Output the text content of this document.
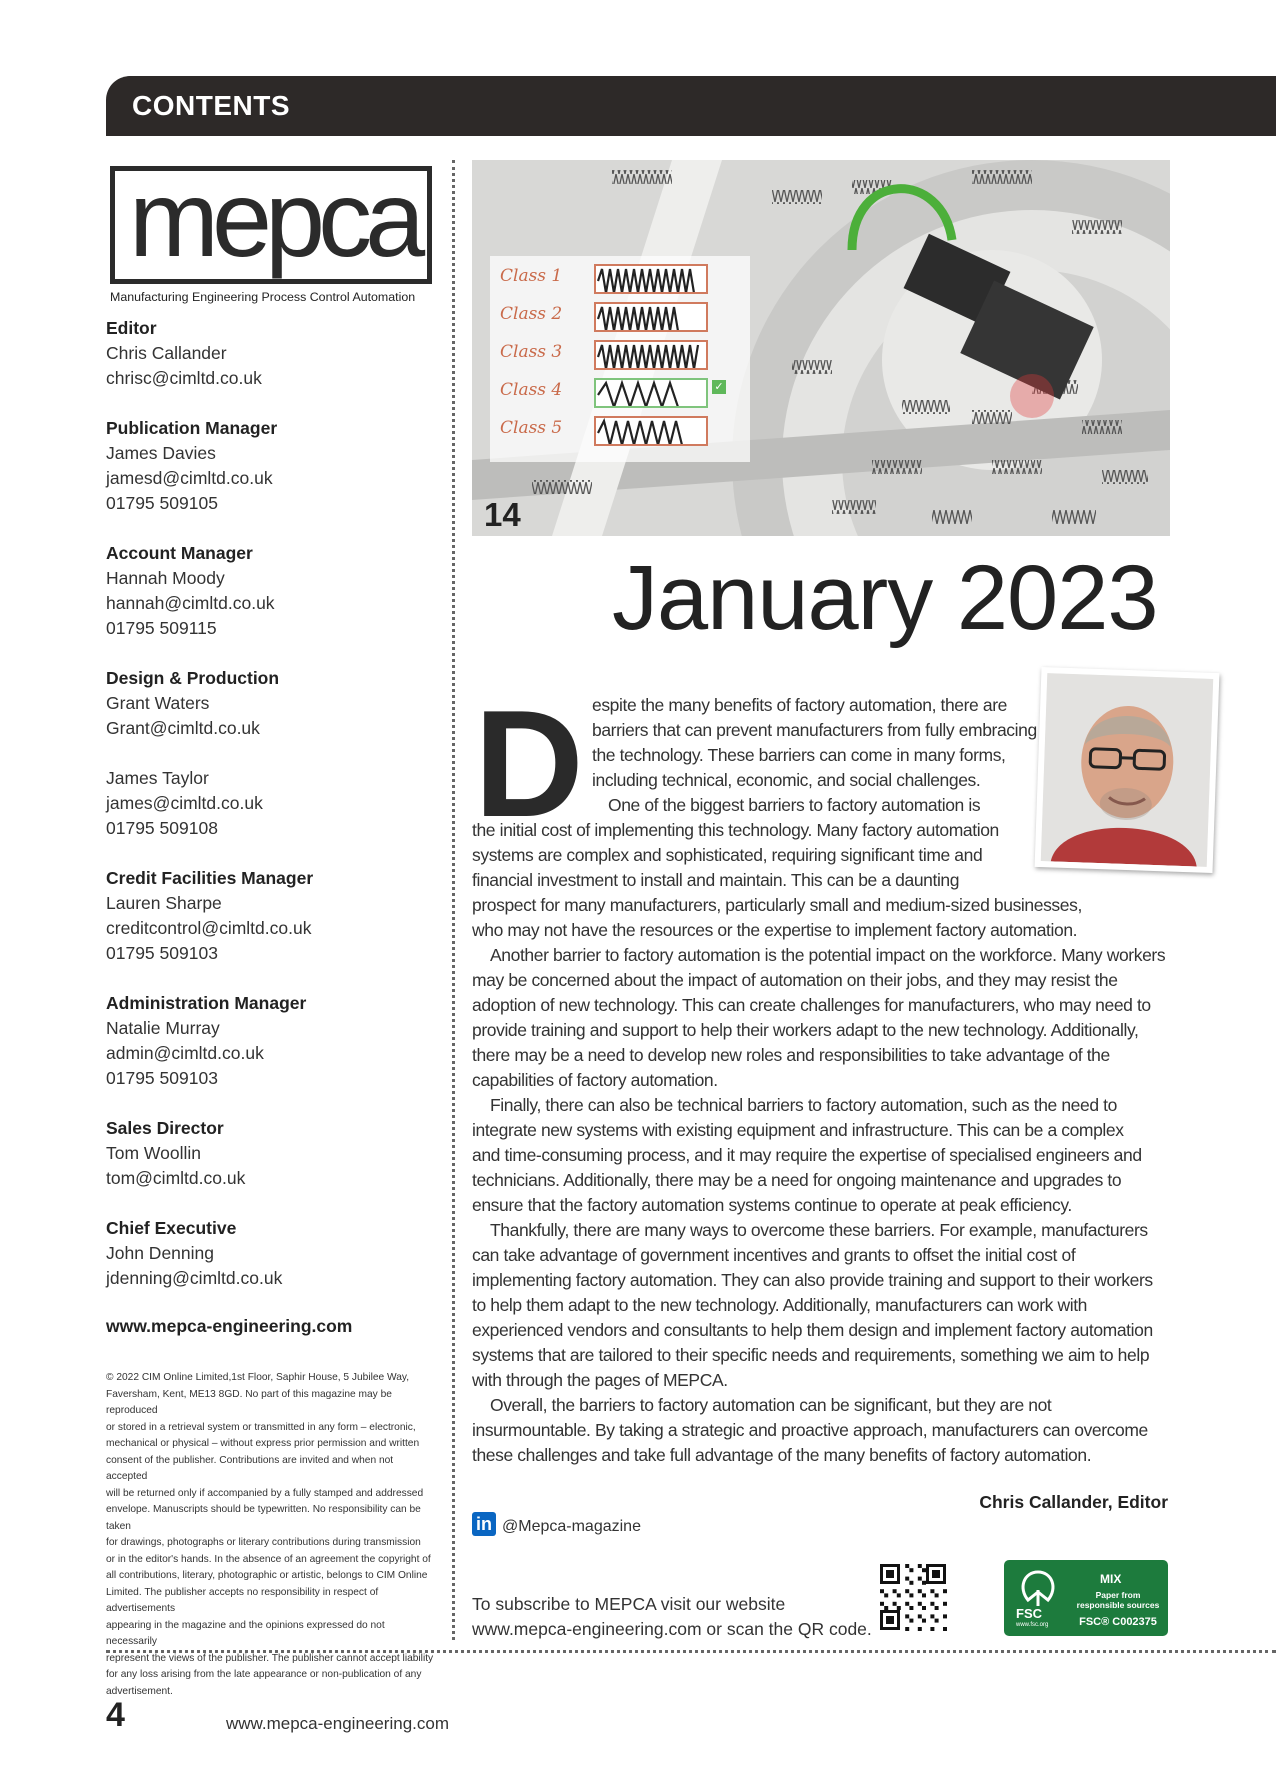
CONTENTS
mepca
Manufacturing Engineering Process Control Automation
Editor
Chris Callander
chrisc@cimltd.co.uk
Publication Manager
James Davies
jamesd@cimltd.co.uk
01795 509105
Account Manager
Hannah Moody
hannah@cimltd.co.uk
01795 509115
Design & Production
Grant Waters
Grant@cimltd.co.uk
James Taylor
james@cimltd.co.uk
01795 509108
Credit Facilities Manager
Lauren Sharpe
creditcontrol@cimltd.co.uk
01795 509103
Administration Manager
Natalie Murray
admin@cimltd.co.uk
01795 509103
Sales Director
Tom Woollin
tom@cimltd.co.uk
Chief Executive
John Denning
jdenning@cimltd.co.uk
www.mepca-engineering.com
© 2022 CIM Online Limited,1st Floor, Saphir House, 5 Jubilee Way,
Faversham, Kent, ME13 8GD. No part of this magazine may be reproduced
or stored in a retrieval system or transmitted in any form – electronic,
mechanical or physical – without express prior permission and written
consent of the publisher. Contributions are invited and when not accepted
will be returned only if accompanied by a fully stamped and addressed
envelope. Manuscripts should be typewritten. No responsibility can be taken
for drawings, photographs or literary contributions during transmission
or in the editor's hands. In the absence of an agreement the copyright of
all contributions, literary, photographic or artistic, belongs to CIM Online
Limited. The publisher accepts no responsibility in respect of advertisements
appearing in the magazine and the opinions expressed do not necessarily
represent the views of the publisher. The publisher cannot accept liability
for any loss arising from the late appearance or non-publication of any
advertisement.
Class 1
Class 2
Class 3
Class 4	✓
Class 5
14
January 2023
D espite the many benefits of factory automation, there are
barriers that can prevent manufacturers from fully embracing
the technology. These barriers can come in many forms,
including technical, economic, and social challenges.
One of the biggest barriers to factory automation is
the initial cost of implementing this technology. Many factory automation
systems are complex and sophisticated, requiring significant time and
financial investment to install and maintain. This can be a daunting
prospect for many manufacturers, particularly small and medium-sized businesses,
who may not have the resources or the expertise to implement factory automation.
Another barrier to factory automation is the potential impact on the workforce. Many workers
may be concerned about the impact of automation on their jobs, and they may resist the
adoption of new technology. This can create challenges for manufacturers, who may need to
provide training and support to help their workers adapt to the new technology. Additionally,
there may be a need to develop new roles and responsibilities to take advantage of the
capabilities of factory automation.
Finally, there can also be technical barriers to factory automation, such as the need to
integrate new systems with existing equipment and infrastructure. This can be a complex
and time-consuming process, and it may require the expertise of specialised engineers and
technicians. Additionally, there may be a need for ongoing maintenance and upgrades to
ensure that the factory automation systems continue to operate at peak efficiency.
Thankfully, there are many ways to overcome these barriers. For example, manufacturers
can take advantage of government incentives and grants to offset the initial cost of
implementing factory automation. They can also provide training and support to their workers
to help them adapt to the new technology. Additionally, manufacturers can work with
experienced vendors and consultants to help them design and implement factory automation
systems that are tailored to their specific needs and requirements, something we aim to help
with through the pages of MEPCA.
Overall, the barriers to factory automation can be significant, but they are not
insurmountable. By taking a strategic and proactive approach, manufacturers can overcome
these challenges and take full advantage of the many benefits of factory automation.
Chris Callander, Editor
in @Mepca-magazine
To subscribe to MEPCA visit our website
www.mepca-engineering.com or scan the QR code.
FSC
www.fsc.org
MIX
Paper from
responsible sources
FSC® C002375
4	www.mepca-engineering.com
